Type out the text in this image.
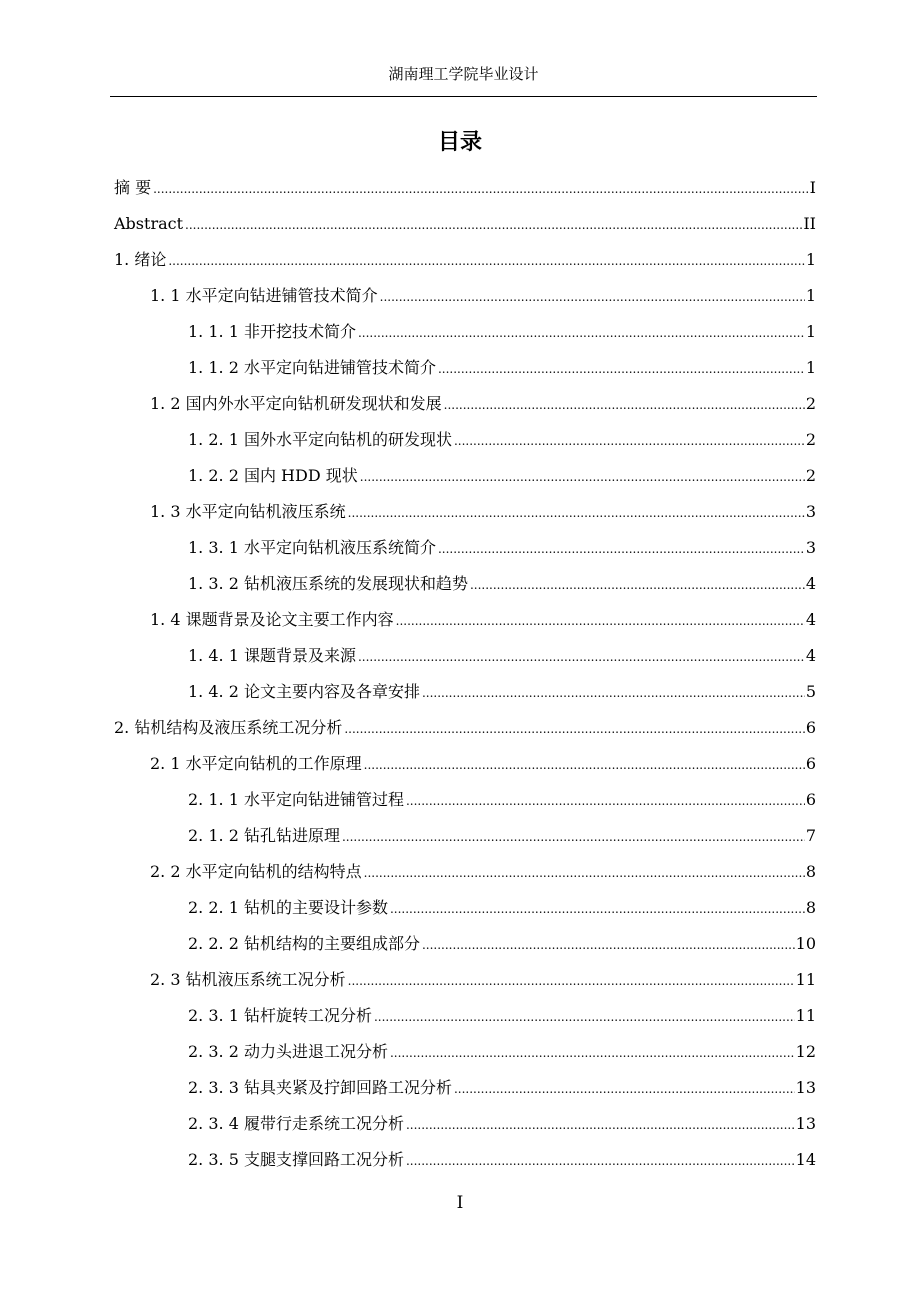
湖南理工学院毕业设计
目录
摘 要 .....	I
Abstract .....	II
1. 绪论 .....	1
1. 1 水平定向钻进铺管技术简介 .....	1
1. 1. 1 非开挖技术简介 .....	1
1. 1. 2 水平定向钻进铺管技术简介 .....	1
1. 2 国内外水平定向钻机研发现状和发展 .....	2
1. 2. 1 国外水平定向钻机的研发现状 .....	2
1. 2. 2 国内 HDD 现状 .....	2
1. 3 水平定向钻机液压系统 .....	3
1. 3. 1 水平定向钻机液压系统简介 .....	3
1. 3. 2 钻机液压系统的发展现状和趋势 .....	4
1. 4 课题背景及论文主要工作内容 .....	4
1. 4. 1 课题背景及来源 .....	4
1. 4. 2 论文主要内容及各章安排 .....	5
2. 钻机结构及液压系统工况分析 .....	6
2. 1 水平定向钻机的工作原理 .....	6
2. 1. 1 水平定向钻进铺管过程 .....	6
2. 1. 2 钻孔钻进原理 .....	7
2. 2 水平定向钻机的结构特点 .....	8
2. 2. 1 钻机的主要设计参数 .....	8
2. 2. 2 钻机结构的主要组成部分 .....	10
2. 3 钻机液压系统工况分析 .....	11
2. 3. 1 钻杆旋转工况分析 .....	11
2. 3. 2 动力头进退工况分析 .....	12
2. 3. 3 钻具夹紧及拧卸回路工况分析 .....	13
2. 3. 4 履带行走系统工况分析 .....	13
2. 3. 5 支腿支撑回路工况分析 .....	14
I
